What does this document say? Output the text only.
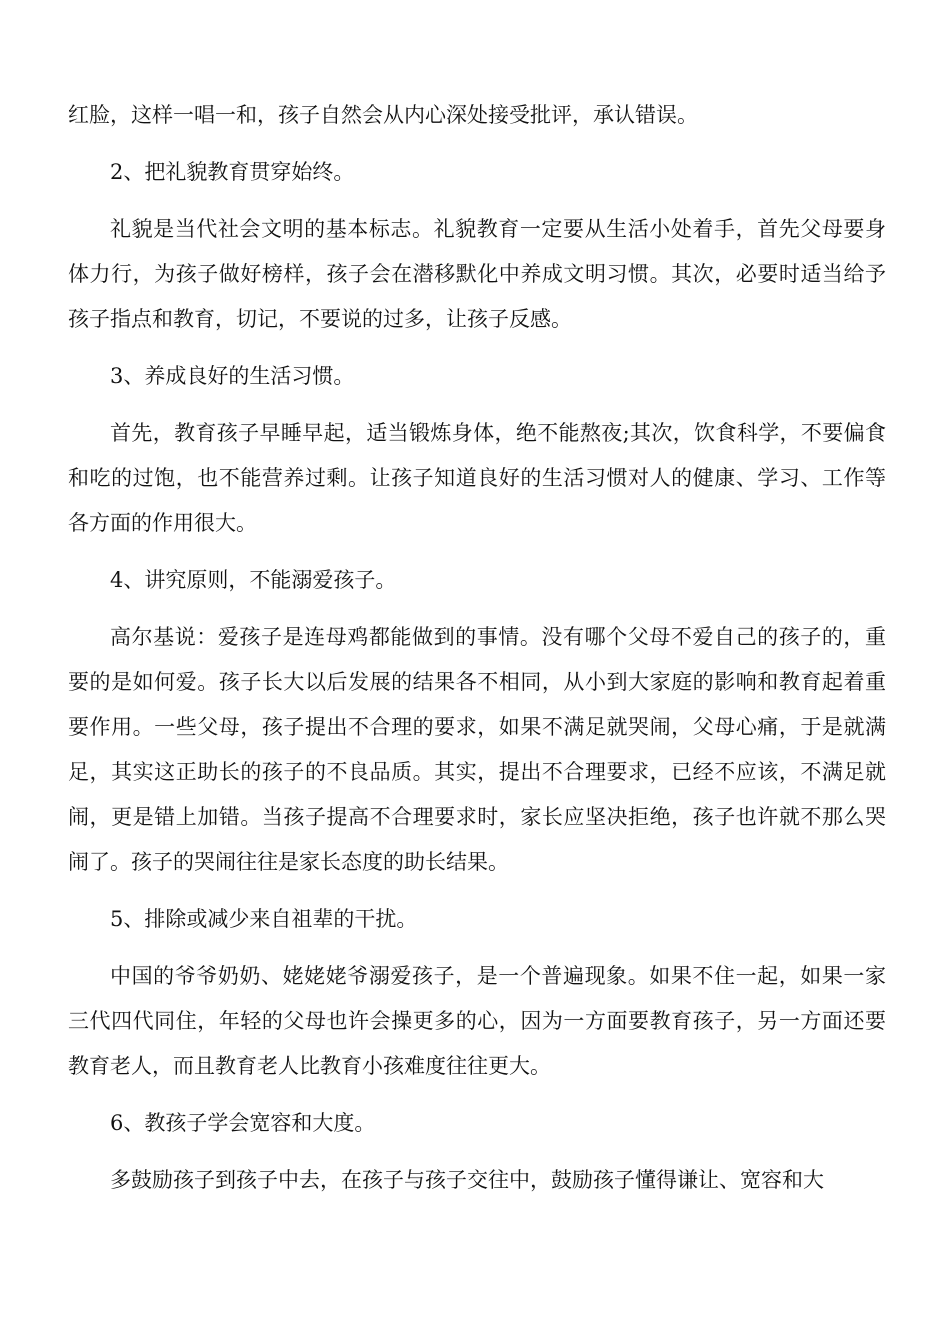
红脸，这样一唱一和，孩子自然会从内心深处接受批评，承认错误。

2、把礼貌教育贯穿始终。

礼貌是当代社会文明的基本标志。礼貌教育一定要从生活小处着手，首先父母要身体力行，为孩子做好榜样，孩子会在潜移默化中养成文明习惯。其次，必要时适当给予孩子指点和教育，切记，不要说的过多，让孩子反感。

3、养成良好的生活习惯。

首先，教育孩子早睡早起，适当锻炼身体，绝不能熬夜;其次，饮食科学，不要偏食和吃的过饱，也不能营养过剩。让孩子知道良好的生活习惯对人的健康、学习、工作等各方面的作用很大。

4、讲究原则，不能溺爱孩子。

高尔基说：爱孩子是连母鸡都能做到的事情。没有哪个父母不爱自己的孩子的，重要的是如何爱。孩子长大以后发展的结果各不相同，从小到大家庭的影响和教育起着重要作用。一些父母，孩子提出不合理的要求，如果不满足就哭闹，父母心痛，于是就满足，其实这正助长的孩子的不良品质。其实，提出不合理要求，已经不应该，不满足就闹，更是错上加错。当孩子提高不合理要求时，家长应坚决拒绝，孩子也许就不那么哭闹了。孩子的哭闹往往是家长态度的助长结果。

5、排除或减少来自祖辈的干扰。

中国的爷爷奶奶、姥姥姥爷溺爱孩子，是一个普遍现象。如果不住一起，如果一家三代四代同住，年轻的父母也许会操更多的心，因为一方面要教育孩子，另一方面还要教育老人，而且教育老人比教育小孩难度往往更大。

6、教孩子学会宽容和大度。

多鼓励孩子到孩子中去，在孩子与孩子交往中，鼓励孩子懂得谦让、宽容和大
